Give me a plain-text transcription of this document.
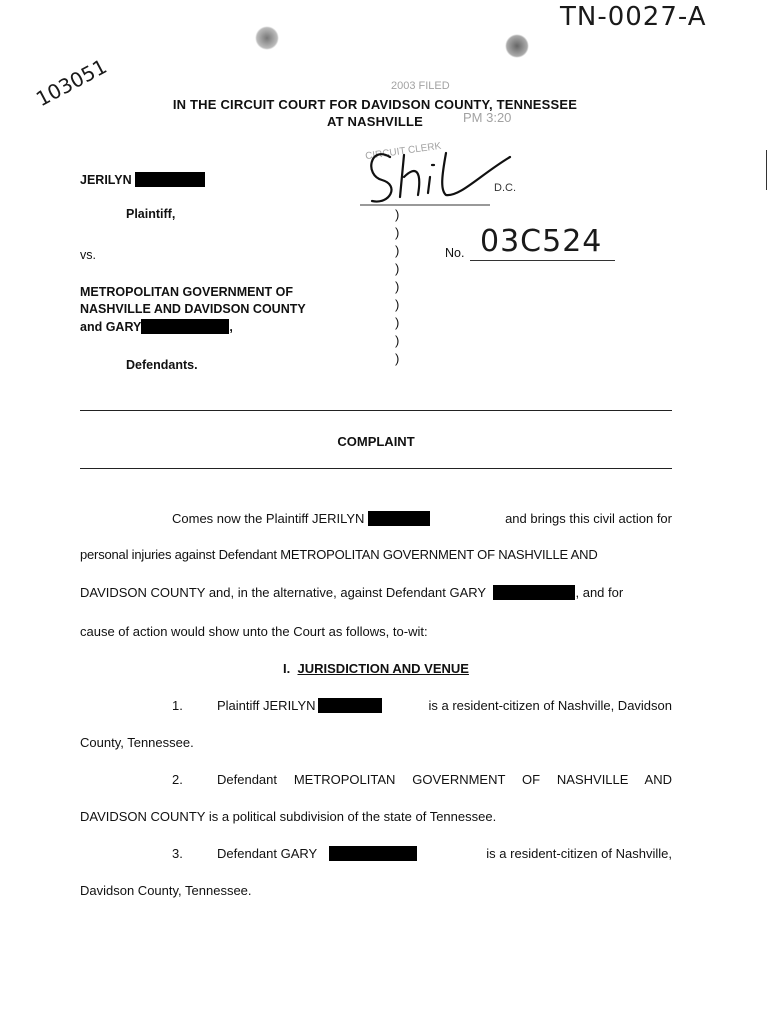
TN-0027-A
103051	2003 FILED
PM 3:20
CIRCUIT CLERK
IN THE CIRCUIT COURT FOR DAVIDSON COUNTY, TENNESSEE
AT NASHVILLE
D.C.
JERILYN
Plaintiff,
vs.
METROPOLITAN GOVERNMENT OF
NASHVILLE AND DAVIDSON COUNTY
and GARY	,
Defendants.
)
)
)
)
)
)
)
)
)
No. 03C524
COMPLAINT
Comes now the Plaintiff JERILYN	and brings this civil action for
personal injuries against Defendant METROPOLITAN GOVERNMENT OF NASHVILLE AND
DAVIDSON COUNTY and, in the alternative, against Defendant GARY	, and for
cause of action would show unto the Court as follows, to-wit:
I. JURISDICTION AND VENUE
1.	Plaintiff JERILYN	is a resident-citizen of Nashville, Davidson
County, Tennessee.
2.	Defendant METROPOLITAN GOVERNMENT OF NASHVILLE AND
DAVIDSON COUNTY is a political subdivision of the state of Tennessee.
3.	Defendant GARY	is a resident-citizen of Nashville,
Davidson County, Tennessee.
